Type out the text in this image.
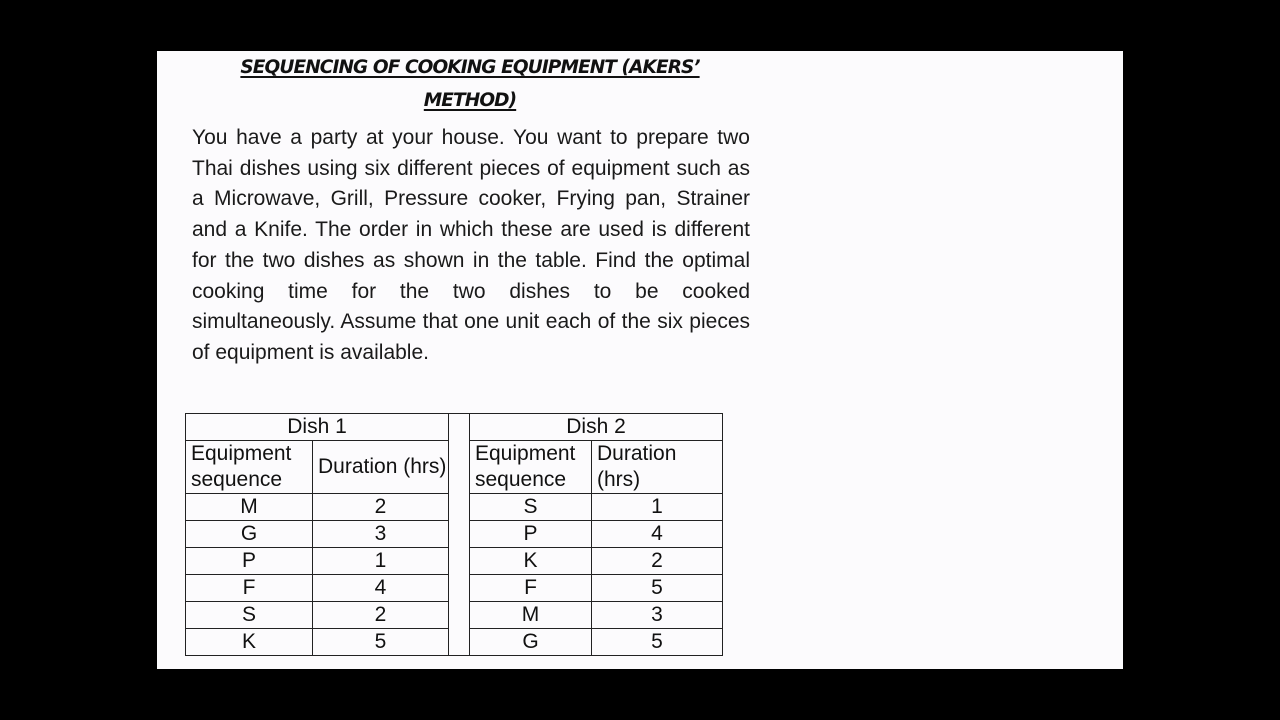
SEQUENCING OF COOKING EQUIPMENT (AKERS’
METHOD)

You have a party at your house. You want to prepare two Thai dishes using six different pieces of equipment such as a Microwave, Grill, Pressure cooker, Frying pan, Strainer and a Knife. The order in which these are used is different for the two dishes as shown in the table. Find the optimal cooking time for the two dishes to be cooked simultaneously. Assume that one unit each of the six pieces of equipment is available.

Dish 1			Dish 2	
Equipment sequence	Duration (hrs)		Equipment sequence	Duration (hrs)
M	2		S	1
G	3		P	4
P	1		K	2
F	4		F	5
S	2		M	3
K	5		G	5
